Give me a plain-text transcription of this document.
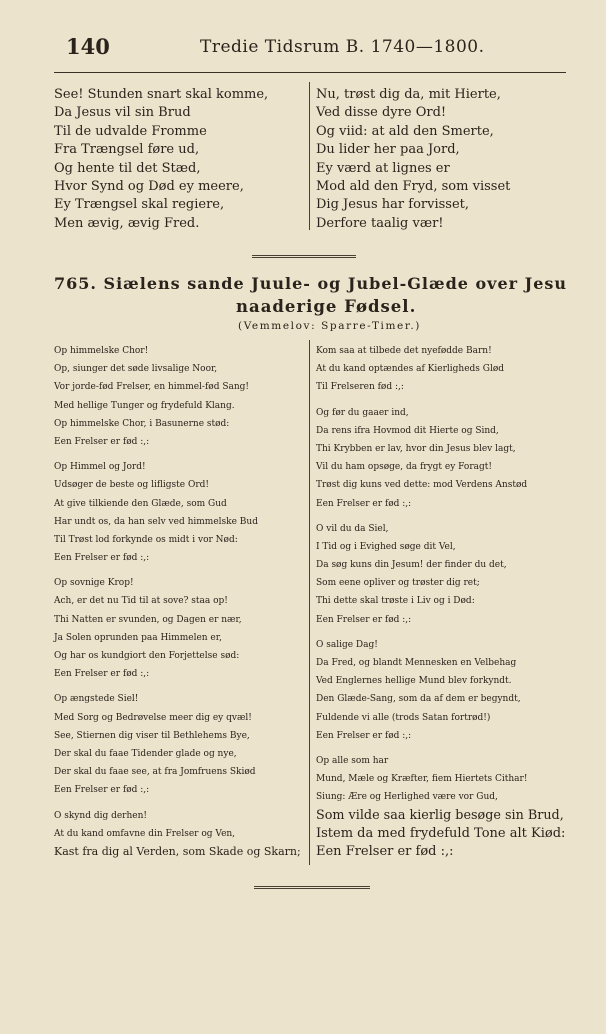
140	Tredie Tidsrum B. 1740—1800.
See! Stunden snart skal komme,
Da Jesus vil sin Brud
Til de udvalde Fromme
Fra Trængsel føre ud,
Og hente til det Stæd,
Hvor Synd og Død ey meere,
Ey Trængsel skal regiere,
Men ævig, ævig Fred.
Nu, trøst dig da, mit Hierte,
Ved disse dyre Ord!
Og viid: at ald den Smerte,
Du lider her paa Jord,
Ey værd at lignes er
Mod ald den Fryd, som visset
Dig Jesus har forvisset,
Derfore taalig vær!
765. Siælens sande Juule- og Jubel-Glæde over Jesu
naaderige Fødsel.
(Vemmelov: Sparre-Timer.)
Op himmelske Chor!
Op, siunger det søde livsalige Noor,
Vor jorde-fød Frelser, en himmel-fød Sang!
Med hellige Tunger og frydefuld Klang.
Op himmelske Chor, i Basunerne stød:
Een Frelser er fød :,:
Op Himmel og Jord!
Udsøger de beste og lifligste Ord!
At give tilkiende den Glæde, som Gud
Har undt os, da han selv ved himmelske Bud
Til Trøst lod forkynde os midt i vor Nød:
Een Frelser er fød :,:
Op sovnige Krop!
Ach, er det nu Tid til at sove? staa op!
Thi Natten er svunden, og Dagen er nær,
Ja Solen oprunden paa Himmelen er,
Og har os kundgiort den Forjettelse sød:
Een Frelser er fød :,:
Op ængstede Siel!
Med Sorg og Bedrøvelse meer dig ey qvæl!
See, Stiernen dig viser til Bethlehems Bye,
Der skal du faae Tidender glade og nye,
Der skal du faae see, at fra Jomfruens Skiød
Een Frelser er fød :,:
O skynd dig derhen!
At du kand omfavne din Frelser og Ven,
Kast fra dig al Verden, som Skade og Skarn;
Kom saa at tilbede det nyefødde Barn!
At du kand optændes af Kierligheds Glød
Til Frelseren fød :,:
Og før du gaaer ind,
Da rens ifra Hovmod dit Hierte og Sind,
Thi Krybben er lav, hvor din Jesus blev lagt,
Vil du ham opsøge, da frygt ey Foragt!
Trøst dig kuns ved dette: mod Verdens Anstød
Een Frelser er fød :,:
O vil du da Siel,
I Tid og i Evighed søge dit Vel,
Da søg kuns din Jesum! der finder du det,
Som eene opliver og trøster dig ret;
Thi dette skal trøste i Liv og i Død:
Een Frelser er fød :,:
O salige Dag!
Da Fred, og blandt Mennesken en Velbehag
Ved Englernes hellige Mund blev forkyndt.
Den Glæde-Sang, som da af dem er begyndt,
Fuldende vi alle (trods Satan fortrød!)
Een Frelser er fød :,:
Op alle som har
Mund, Mæle og Kræfter, fiem Hiertets Cithar!
Siung: Ære og Herlighed være vor Gud,
Som vilde saa kierlig besøge sin Brud,
Istem da med frydefuld Tone alt Kiød:
Een Frelser er fød :,:
